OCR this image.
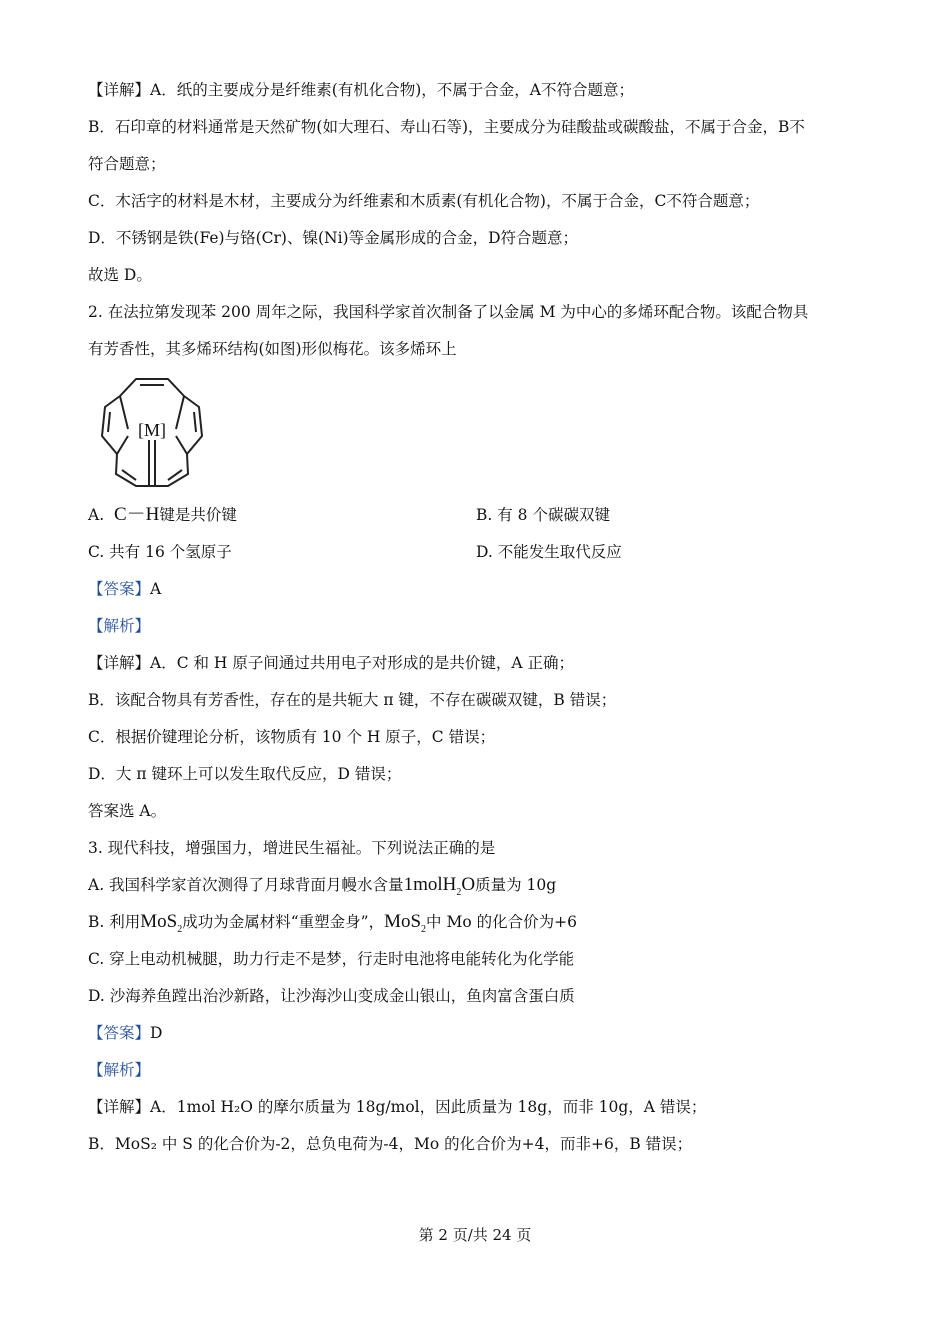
【详解】A．纸的主要成分是纤维素(有机化合物)，不属于合金，A不符合题意；
B．石印章的材料通常是天然矿物(如大理石、寿山石等)，主要成分为硅酸盐或碳酸盐，不属于合金，B不
符合题意；
C．木活字的材料是木材，主要成分为纤维素和木质素(有机化合物)，不属于合金，C不符合题意；
D．不锈钢是铁(Fe)与铬(Cr)、镍(Ni)等金属形成的合金，D符合题意；
故选 D。
2. 在法拉第发现苯 200 周年之际，我国科学家首次制备了以金属 M 为中心的多烯环配合物。该配合物具
有芳香性，其多烯环结构(如图)形似梅花。该多烯环上
[M]
A. C－H键是共价键	B. 有 8 个碳碳双键
C. 共有 16 个氢原子	D. 不能发生取代反应
【答案】A
【解析】
【详解】A．C 和 H 原子间通过共用电子对形成的是共价键，A 正确；
B．该配合物具有芳香性，存在的是共轭大 π 键，不存在碳碳双键，B 错误；
C．根据价键理论分析，该物质有 10 个 H 原子，C 错误；
D．大 π 键环上可以发生取代反应，D 错误；
答案选 A。
3. 现代科技，增强国力，增进民生福祉。下列说法正确的是
A. 我国科学家首次测得了月球背面月幔水含量1molH$_2$O质量为 10g
B. 利用MoS$_2$成功为金属材料“重塑金身”，MoS$_2$中 Mo 的化合价为+6
C. 穿上电动机械腿，助力行走不是梦，行走时电池将电能转化为化学能
D. 沙海养鱼蹚出治沙新路，让沙海沙山变成金山银山，鱼肉富含蛋白质
【答案】D
【解析】
【详解】A．1mol H₂O 的摩尔质量为 18g/mol，因此质量为 18g，而非 10g，A 错误；
B．MoS₂ 中 S 的化合价为-2，总负电荷为-4，Mo 的化合价为+4，而非+6，B 错误；
第 2 页/共 24 页
